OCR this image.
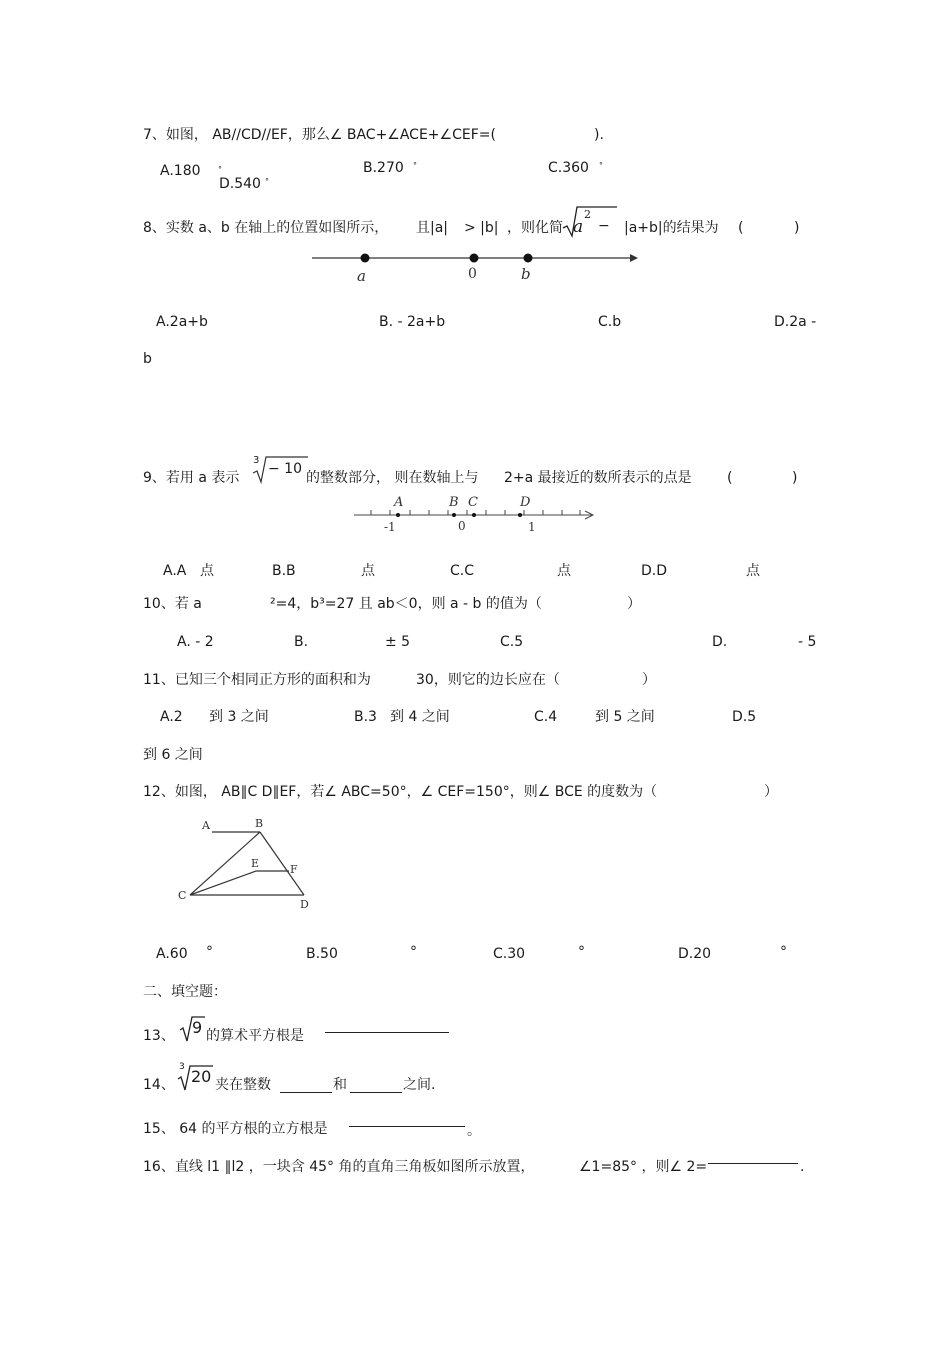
7、如图， AB//CD//EF，那么∠ BAC+∠ACE+∠CEF=(	).
A.180 °
D.540 °
B.270 °	C.360 °
8、实数 a、b 在轴上的位置如图所示， 且|a| > |b| ，则化简 a
2
− |a+b|的结果为 (	)
a	0	b
A.2a+b	B. ‐ 2a+b	C.b	D.2a ‐
b
9、若用 a 表示
3
− 10
的整数部分， 则在数轴上与 2+a 最接近的数所表示的点是	(	)
A	B C	D
-1	0	1
A.A 点	B.B	点	C.C	点	D.D	点
10、若 a	²=4，b³=27 且 ab＜0，则 a ‐ b 的值为（	）
A. ‐ 2	B.	± 5	C.5	D.	‐ 5
11、已知三个相同正方形的面积和为	30，则它的边长应在（	）
A.2 到 3 之间	B.3 到 4 之间	C.4	到 5 之间	D.5
到 6 之间
12、如图， AB∥C D∥EF，若∠ ABC=50°，∠ CEF=150°，则∠ BCE 的度数为（	）
A	B
E	F
C
D
A.60 °	B.50	°	C.30	°	D.20	°
二、填空题：
13、 9 的算术平方根是
14、
3 20 夹在整数	和	之间.
15、 64 的平方根的立方根是	。
16、直线 l1 ∥l2 ，一块含 45° 角的直角三角板如图所示放置，	∠1=85° ，则∠ 2=	.
